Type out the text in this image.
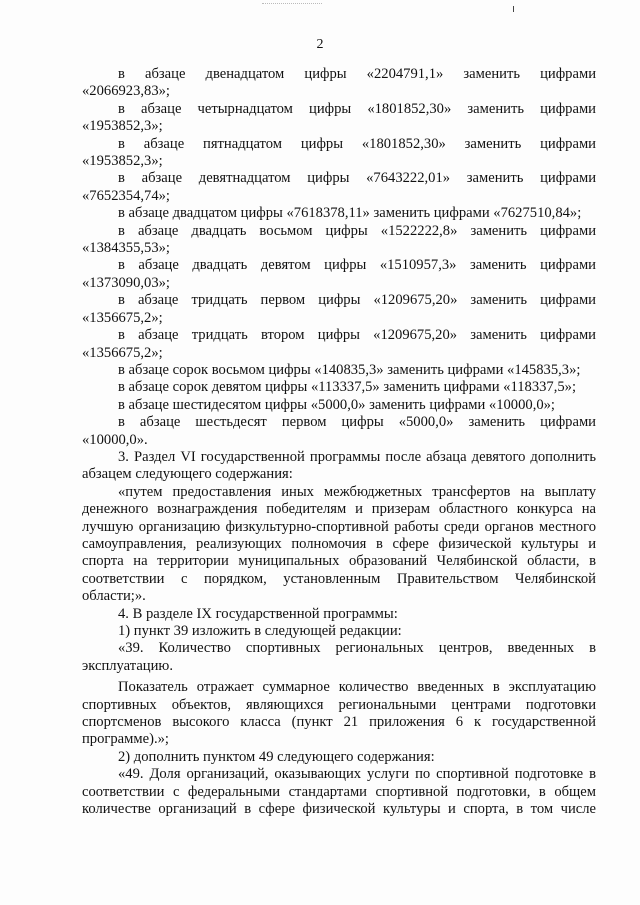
2

в абзаце двенадцатом цифры «2204791,1» заменить цифрами

«2066923,83»;

в абзаце четырнадцатом цифры «1801852,30» заменить цифрами

«1953852,3»;

в абзаце пятнадцатом цифры «1801852,30» заменить цифрами

«1953852,3»;

в абзаце девятнадцатом цифры «7643222,01» заменить цифрами

«7652354,74»;

в абзаце двадцатом цифры «7618378,11» заменить цифрами «7627510,84»;

в абзаце двадцать восьмом цифры «1522222,8» заменить цифрами

«1384355,53»;

в абзаце двадцать девятом цифры «1510957,3» заменить цифрами

«1373090,03»;

в абзаце тридцать первом цифры «1209675,20» заменить цифрами

«1356675,2»;

в абзаце тридцать втором цифры «1209675,20» заменить цифрами

«1356675,2»;

в абзаце сорок восьмом цифры «140835,3» заменить цифрами «145835,3»;

в абзаце сорок девятом цифры «113337,5» заменить цифрами «118337,5»;

в абзаце шестидесятом цифры «5000,0» заменить цифрами «10000,0»;

в абзаце шестьдесят первом цифры «5000,0» заменить цифрами

«10000,0».

3. Раздел VI государственной программы после абзаца девятого дополнить абзацем следующего содержания:

«путем предоставления иных межбюджетных трансфертов на выплату денежного вознаграждения победителям и призерам областного конкурса на лучшую организацию физкультурно-спортивной работы среди органов местного самоуправления, реализующих полномочия в сфере физической культуры и спорта на территории муниципальных образований Челябинской области, в соответствии с порядком, установленным Правительством Челябинской области;».

4. В разделе IX государственной программы:

1) пункт 39 изложить в следующей редакции:

«39. Количество спортивных региональных центров, введенных в эксплуатацию.

Показатель отражает суммарное количество введенных в эксплуатацию спортивных объектов, являющихся региональными центрами подготовки спортсменов высокого класса (пункт 21 приложения 6 к государственной программе).»;

2) дополнить пунктом 49 следующего содержания:

«49. Доля организаций, оказывающих услуги по спортивной подготовке в соответствии с федеральными стандартами спортивной подготовки, в общем количестве организаций в сфере физической культуры и спорта, в том числе
